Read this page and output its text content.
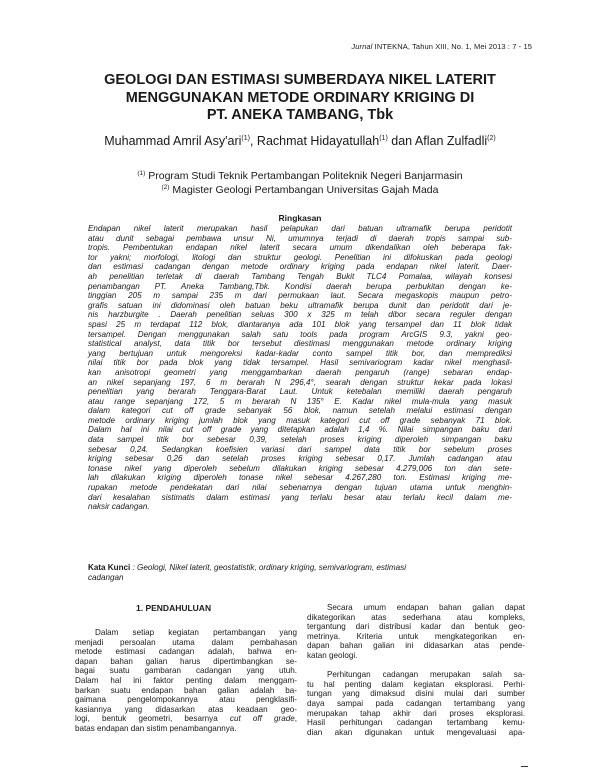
Jurnal INTEKNA, Tahun XIII, No. 1, Mei 2013 : 7 - 15
GEOLOGI DAN ESTIMASI SUMBERDAYA NIKEL LATERIT
MENGGUNAKAN METODE ORDINARY KRIGING DI
PT. ANEKA TAMBANG, Tbk
Muhammad Amril Asy'ari$^{(1)}$, Rachmat Hidayatullah$^{(1)}$ dan Aflan Zulfadli$^{(2)}$
$^{(1)}$ Program Studi Teknik Pertambangan Politeknik Negeri Banjarmasin
$^{(2)}$ Magister Geologi Pertambangan Universitas Gajah Mada
Ringkasan
Endapan nikel laterit merupakan hasil pelapukan dari batuan ultramafik berupa peridotit
atau dunit sebagai pembawa unsur Ni, umumnya terjadi di daerah tropis sampai sub-
tropis. Pembentukan endapan nikel laterit secara umum dikendalikan oleh beberapa fak-
tor yakni; morfologi, litologi dan struktur geologi. Penelitian ini difokuskan pada geologi
dan estimasi cadangan dengan metode ordinary kriging pada endapan nikel laterit. Daer-
ah penelitian terletak di daerah Tambang Tengah Bukit TLC4 Pomalaa, wilayah konsesi
penambangan PT. Aneka Tambang,Tbk. Kondisi daerah berupa perbukitan dengan ke-
tinggian 205 m sampai 235 m dari permukaan laut. Secara megaskopis maupun petro-
grafis satuan ini didominasi oleh batuan beku ultramafik berupa dunit dan peridotit dari je-
nis harzburgite . Daerah penelitian seluas 300 x 325 m telah dibor secara reguler dengan
spasi 25 m terdapat 112 blok, diantaranya ada 101 blok yang tersampel dan 11 blok tidak
tersampel. Dengan menggunakan salah satu tools pada program ArcGIS 9.3, yakni geo-
statistical analyst, data titik bor tersebut diestimasi menggunakan metode ordinary kriging
yang bertujuan untuk mengoreksi kadar-kadar conto sampel titik bor, dan memprediksi
nilai titik bor pada blok yang tidak tersampel. Hasil semivariogram kadar nikel menghasil-
kan anisotropi geometri yang menggambarkan daerah pengaruh (range) sebaran endap-
an nikel sepanjang 197, 6 m berarah N 296,4°, searah dengan struktur kekar pada lokasi
penelitian yang berarah Tenggara-Barat Laut. Untuk ketebalan memiliki daerah pengaruh
atau range sepanjang 172, 5 m berarah N 135° E. Kadar nikel mula-mula yang masuk
dalam kategori cut off grade sebanyak 56 blok, namun setelah melalui estimasi dengan
metode ordinary kriging jumlah blok yang masuk kategori cut off grade sebanyak 71 blok.
Dalam hal ini nilai cut off grade yang ditetapkan adalah 1,4 %. Nilai simpangan baku dari
data sampel titik bor sebesar 0,39, setelah proses kriging diperoleh simpangan baku
sebesar 0,24. Sedangkan koefisien variasi dari sampel data titik bor sebelum proses
kriging sebesar 0,26 dan setelah proses kriging sebesar 0,17. Jumlah cadangan atau
tonase nikel yang diperoleh sebelum dilakukan kriging sebesar 4.279,006 ton dan sete-
lah dilakukan kriging diperoleh tonase nikel sebesar 4.267,280 ton. Estimasi kriging me-
rupakan metode pendekatan dari nilai sebenarnya dengan tujuan utama untuk menghin-
dari kesalahan sistimatis dalam estimasi yang terlalu besar atau terlalu kecil dalam me-
naksir cadangan.
Kata Kunci : Geologi, Nikel laterit, geostatistik, ordinary kriging, semivariogram, estimasi
cadangan
1. PENDAHULUAN
Dalam setiap kegiatan pertambangan yang
menjadi persoalan utama dalam pembahasan
metode estimasi cadangan adalah, bahwa en-
dapan bahan galian harus dipertimbangkan se-
bagai suatu gambaran cadangan yang utuh.
Dalam hal ini faktor penting dalam menggam-
barkan suatu endapan bahan galian adalah ba-
gaimana pengelompokannya atau pengklasifi-
kasiannya yang didasarkan atas keadaan geo-
logi, bentuk geometri, besarnya cut off grade,
batas endapan dan sistim penambangannya.
Secara umum endapan bahan galian dapat
dikategorikan atas sederhana atau kompleks,
tergantung dari distribusi kadar dan bentuk geo-
metrinya. Kriteria untuk mengkategorikan en-
dapan bahan galian ini didasarkan atas pende-
katan geologi.
Perhitungan cadangan merupakan salah sa-
tu hal penting dalam kegiatan eksplorasi. Perhi-
tungan yang dimaksud disini mulai dari sumber
daya sampai pada cadangan tertambang yang
merupakan tahap akhir dari proses eksplorasi.
Hasil perhitungan cadangan tertambang kemu-
dian akan digunakan untuk mengevaluasi apa-
